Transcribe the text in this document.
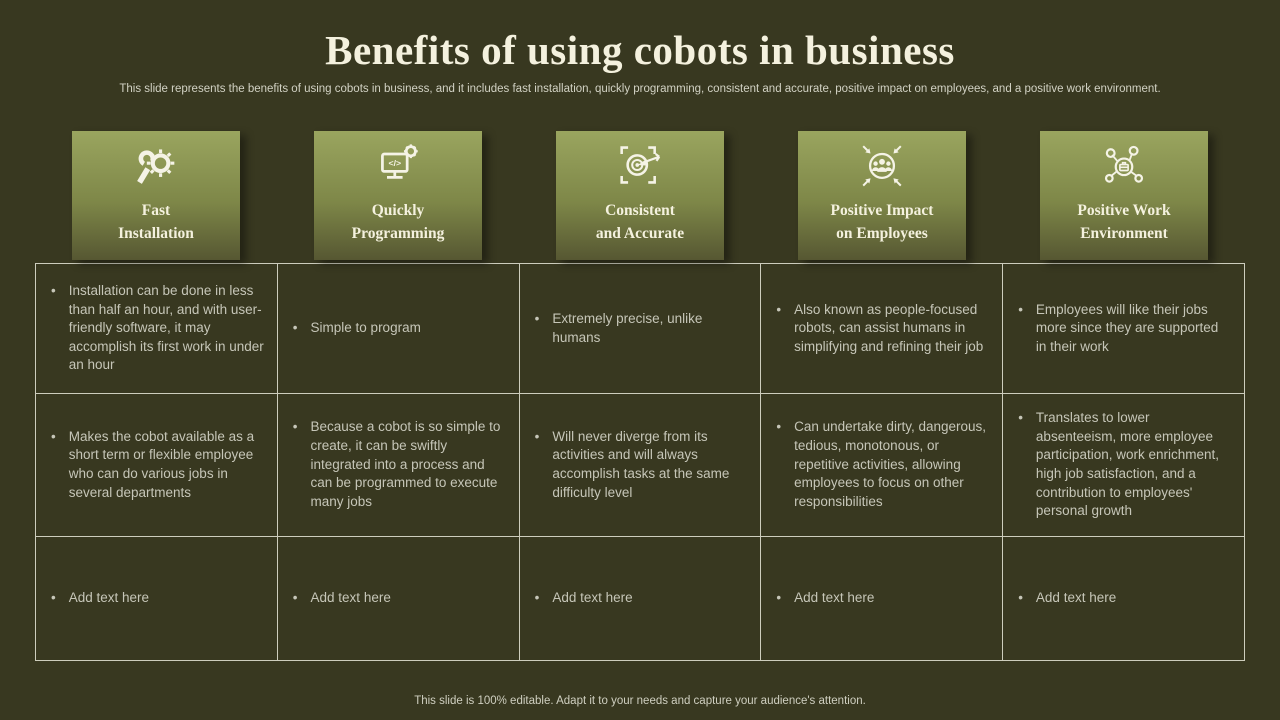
Benefits of using cobots in business
This slide represents the benefits of using cobots in business, and it includes fast installation, quickly programming, consistent and accurate, positive impact on employees, and a positive work environment.
Fast
Installation
</>
Quickly
Programming
Consistent
and Accurate
Positive Impact
on Employees
Positive Work
Environment
• Installation can be done in less than half an hour, and with user-friendly software, it may accomplish its first work in under an hour
• Makes the cobot available as a short term or flexible employee who can do various jobs in several departments
• Add text here
• Simple to program
• Because a cobot is so simple to create, it can be swiftly integrated into a process and can be programmed to execute many jobs
• Add text here
• Extremely precise, unlike humans
• Will never diverge from its activities and will always accomplish tasks at the same difficulty level
• Add text here
• Also known as people-focused robots, can assist humans in simplifying and refining their job
• Can undertake dirty, dangerous, tedious, monotonous, or repetitive activities, allowing employees to focus on other responsibilities
• Add text here
• Employees will like their jobs more since they are supported in their work
• Translates to lower absenteeism, more employee participation, work enrichment, high job satisfaction, and a contribution to employees' personal growth
• Add text here
This slide is 100% editable. Adapt it to your needs and capture your audience's attention.
